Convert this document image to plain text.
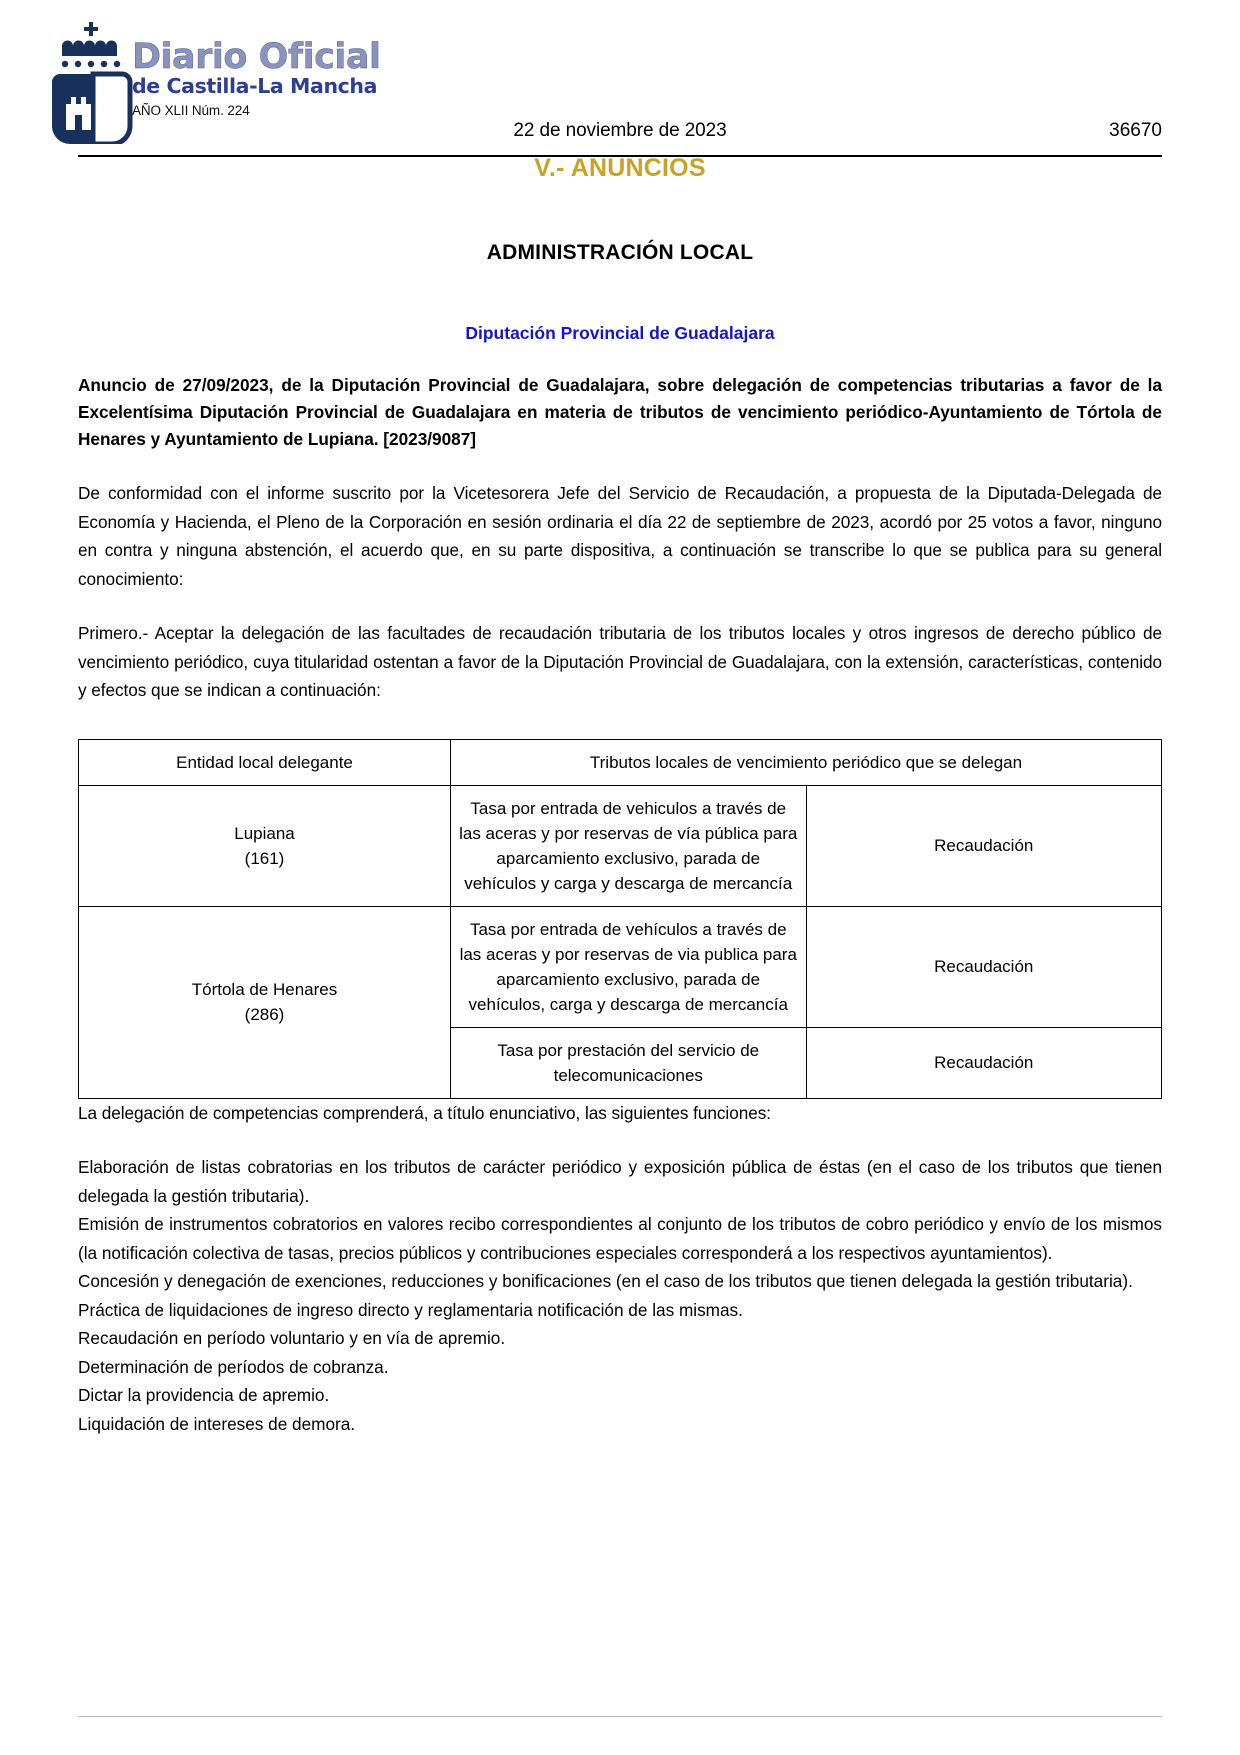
Diario Oficial
de Castilla-La Mancha
AÑO XLII Núm. 224
22 de noviembre de 2023	36670
V.- ANUNCIOS
ADMINISTRACIÓN LOCAL
Diputación Provincial de Guadalajara

Anuncio de 27/09/2023, de la Diputación Provincial de Guadalajara, sobre delegación de competencias tributarias a favor de la Excelentísima Diputación Provincial de Guadalajara en materia de tributos de vencimiento periódico-Ayuntamiento de Tórtola de Henares y Ayuntamiento de Lupiana. [2023/9087]

De conformidad con el informe suscrito por la Vicetesorera Jefe del Servicio de Recaudación, a propuesta de la Diputada-Delegada de Economía y Hacienda, el Pleno de la Corporación en sesión ordinaria el día 22 de septiembre de 2023, acordó por 25 votos a favor, ninguno en contra y ninguna abstención, el acuerdo que, en su parte dispositiva, a continuación se transcribe lo que se publica para su general conocimiento:

Primero.- Aceptar la delegación de las facultades de recaudación tributaria de los tributos locales y otros ingresos de derecho público de vencimiento periódico, cuya titularidad ostentan a favor de la Diputación Provincial de Guadalajara, con la extensión, características, contenido y efectos que se indican a continuación:

Entidad local delegante	Tributos locales de vencimiento periódico que se delegan	
Lupiana
(161)	Tasa por entrada de vehiculos a través de las aceras y por reservas de vía pública para aparcamiento exclusivo, parada de vehículos y carga y descarga de mercancía	Recaudación
Tórtola de Henares
(286)	Tasa por entrada de vehículos a través de las aceras y por reservas de via publica para aparcamiento exclusivo, parada de vehículos, carga y descarga de mercancía	Recaudación
	Tasa por prestación del servicio de telecomunicaciones	Recaudación

La delegación de competencias comprenderá, a título enunciativo, las siguientes funciones:

Elaboración de listas cobratorias en los tributos de carácter periódico y exposición pública de éstas (en el caso de los tributos que tienen delegada la gestión tributaria).

Emisión de instrumentos cobratorios en valores recibo correspondientes al conjunto de los tributos de cobro periódico y envío de los mismos (la notificación colectiva de tasas, precios públicos y contribuciones especiales corresponderá a los respectivos ayuntamientos).

Concesión y denegación de exenciones, reducciones y bonificaciones (en el caso de los tributos que tienen delegada la gestión tributaria).

Práctica de liquidaciones de ingreso directo y reglamentaria notificación de las mismas.

Recaudación en período voluntario y en vía de apremio.

Determinación de períodos de cobranza.

Dictar la providencia de apremio.

Liquidación de intereses de demora.
